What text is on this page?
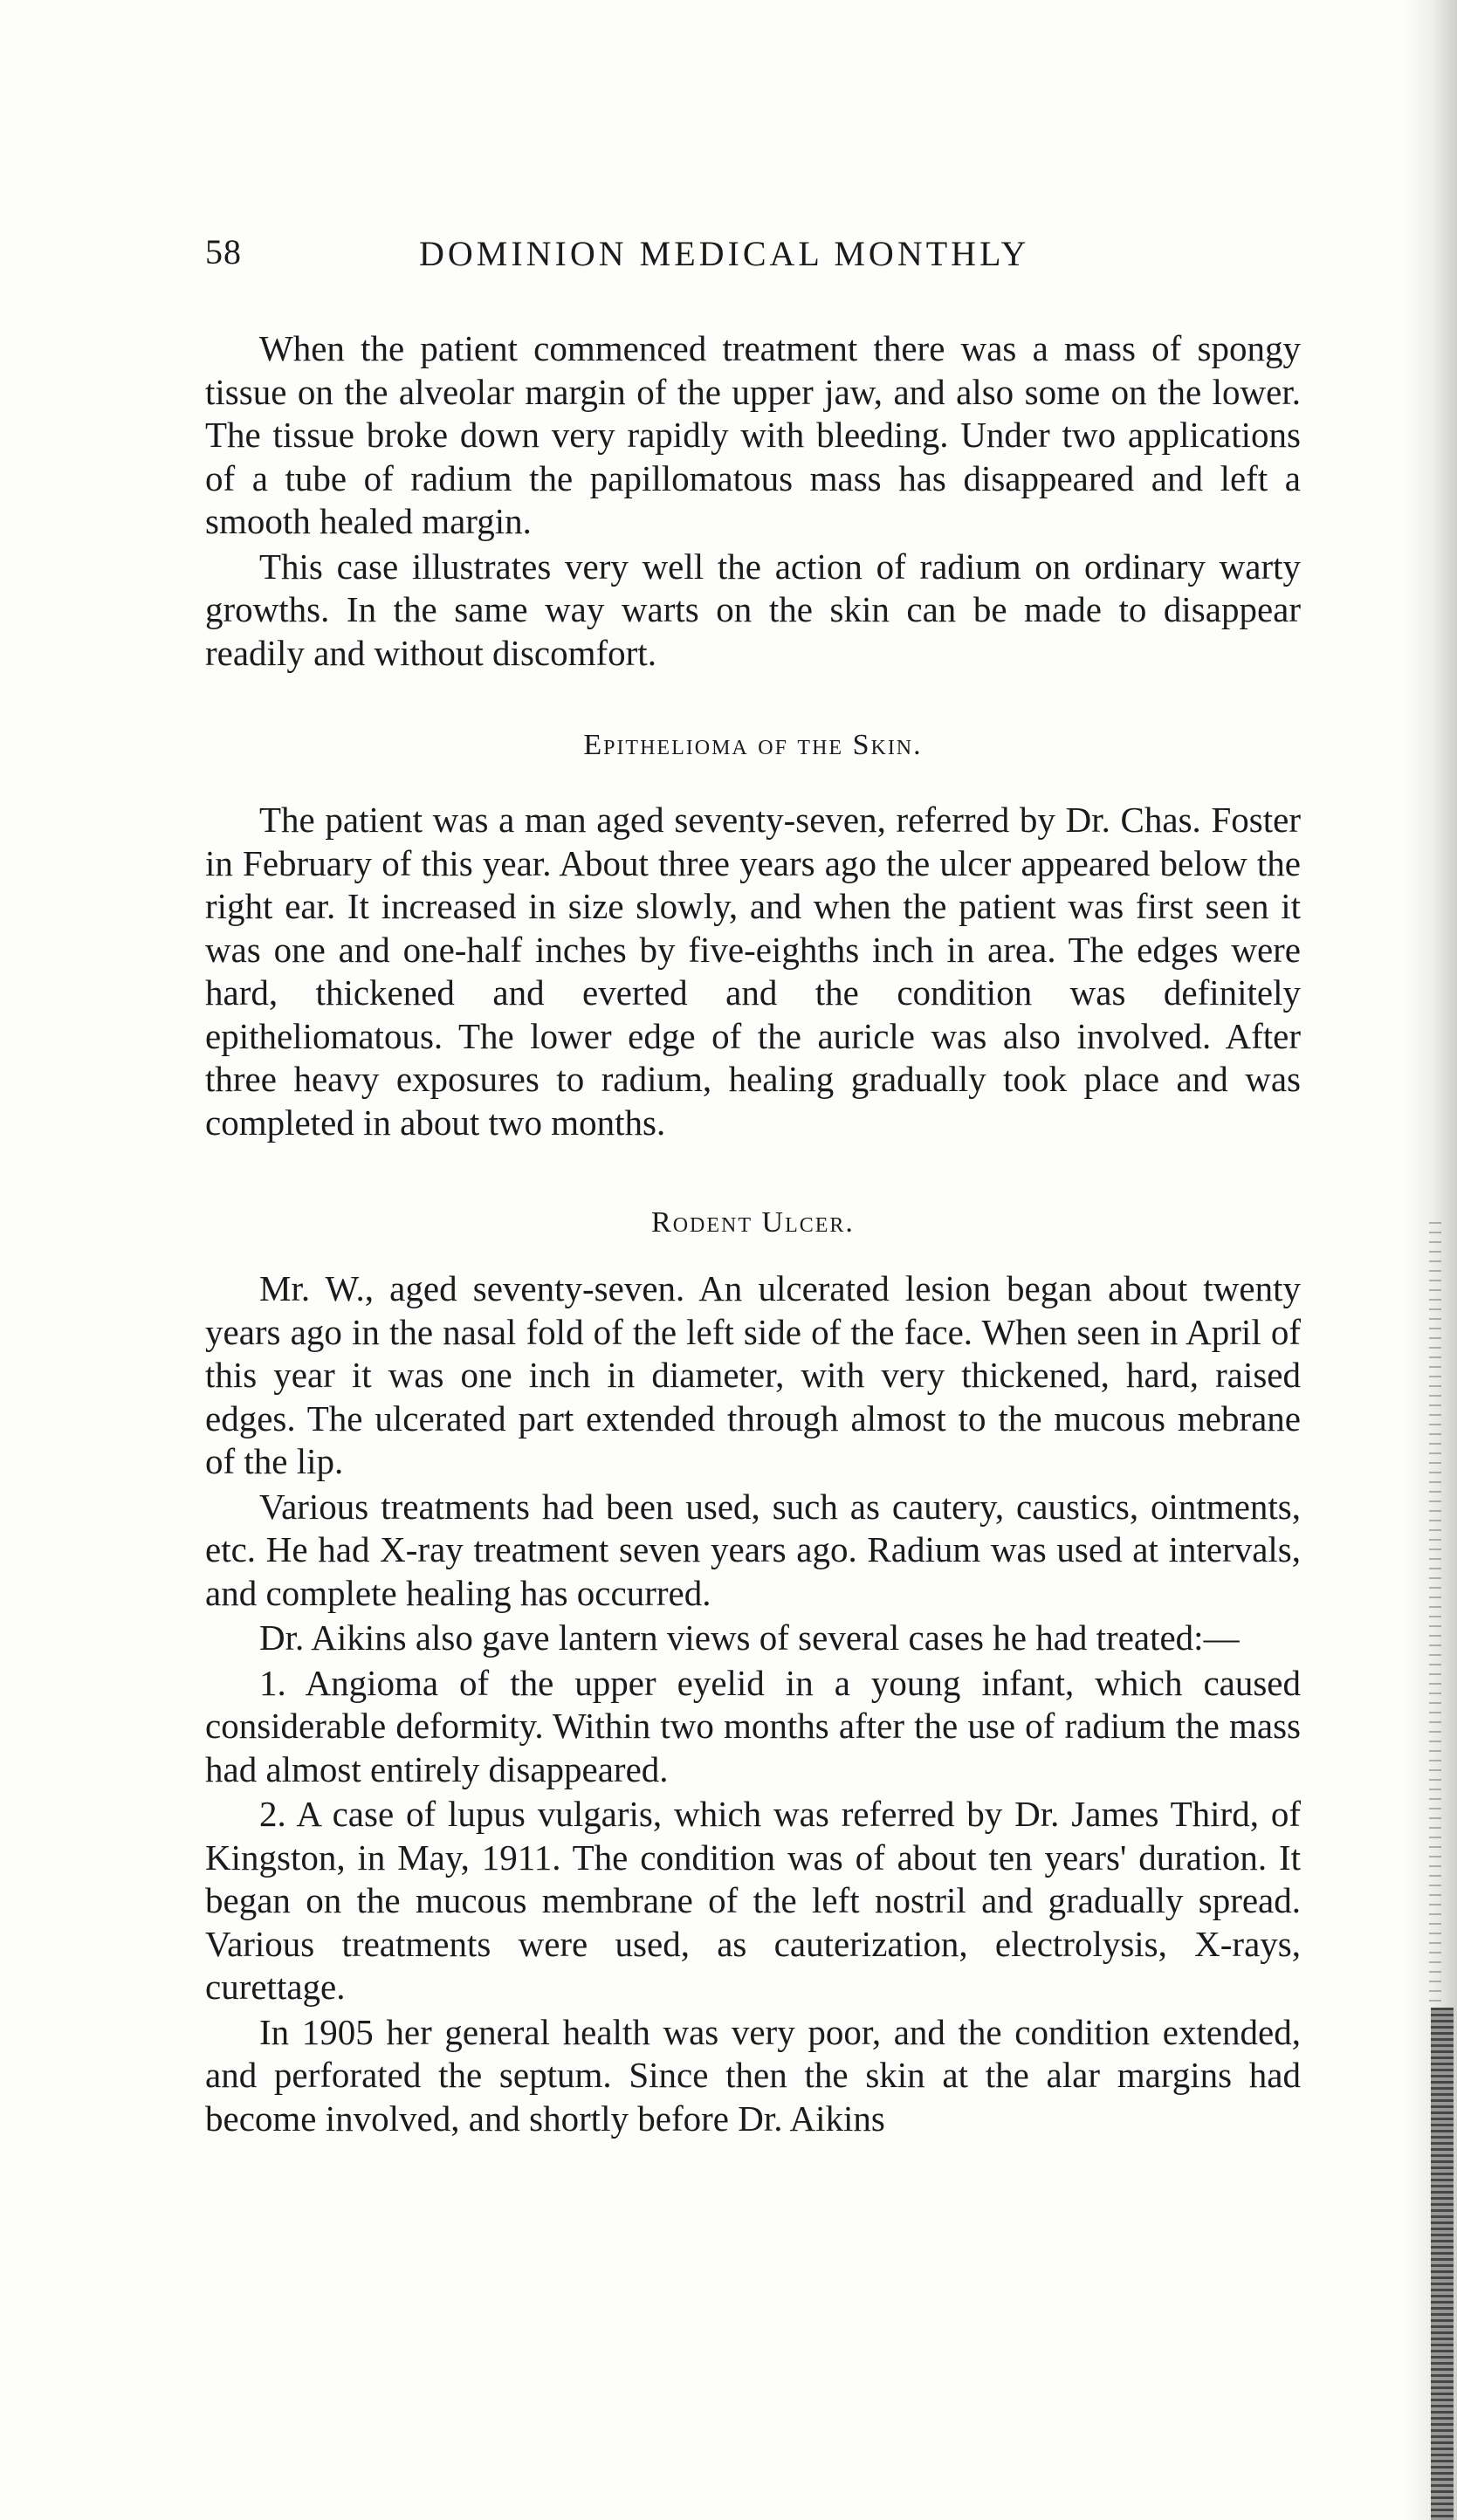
58	DOMINION MEDICAL MONTHLY

When the patient commenced treatment there was a mass of spongy tissue on the alveolar margin of the upper jaw, and also some on the lower. The tissue broke down very rapidly with bleeding. Under two applications of a tube of radium the papillomatous mass has disappeared and left a smooth healed margin.

This case illustrates very well the action of radium on ordinary warty growths. In the same way warts on the skin can be made to disappear readily and without discomfort.

Epithelioma of the Skin.

The patient was a man aged seventy-seven, referred by Dr. Chas. Foster in February of this year. About three years ago the ulcer appeared below the right ear. It increased in size slowly, and when the patient was first seen it was one and one-half inches by five-eighths inch in area. The edges were hard, thickened and everted and the condition was definitely epitheliomatous. The lower edge of the auricle was also involved. After three heavy exposures to radium, healing gradually took place and was completed in about two months.

Rodent Ulcer.

Mr. W., aged seventy-seven. An ulcerated lesion began about twenty years ago in the nasal fold of the left side of the face. When seen in April of this year it was one inch in diameter, with very thickened, hard, raised edges. The ulcerated part extended through almost to the mucous mebrane of the lip.

Various treatments had been used, such as cautery, caustics, ointments, etc. He had X-ray treatment seven years ago. Radium was used at intervals, and complete healing has occurred.

Dr. Aikins also gave lantern views of several cases he had treated:—

1. Angioma of the upper eyelid in a young infant, which caused considerable deformity. Within two months after the use of radium the mass had almost entirely disappeared.

2. A case of lupus vulgaris, which was referred by Dr. James Third, of Kingston, in May, 1911. The condition was of about ten years' duration. It began on the mucous membrane of the left nostril and gradually spread. Various treatments were used, as cauterization, electrolysis, X-rays, curettage.

In 1905 her general health was very poor, and the condition extended, and perforated the septum. Since then the skin at the alar margins had become involved, and shortly before Dr. Aikins
